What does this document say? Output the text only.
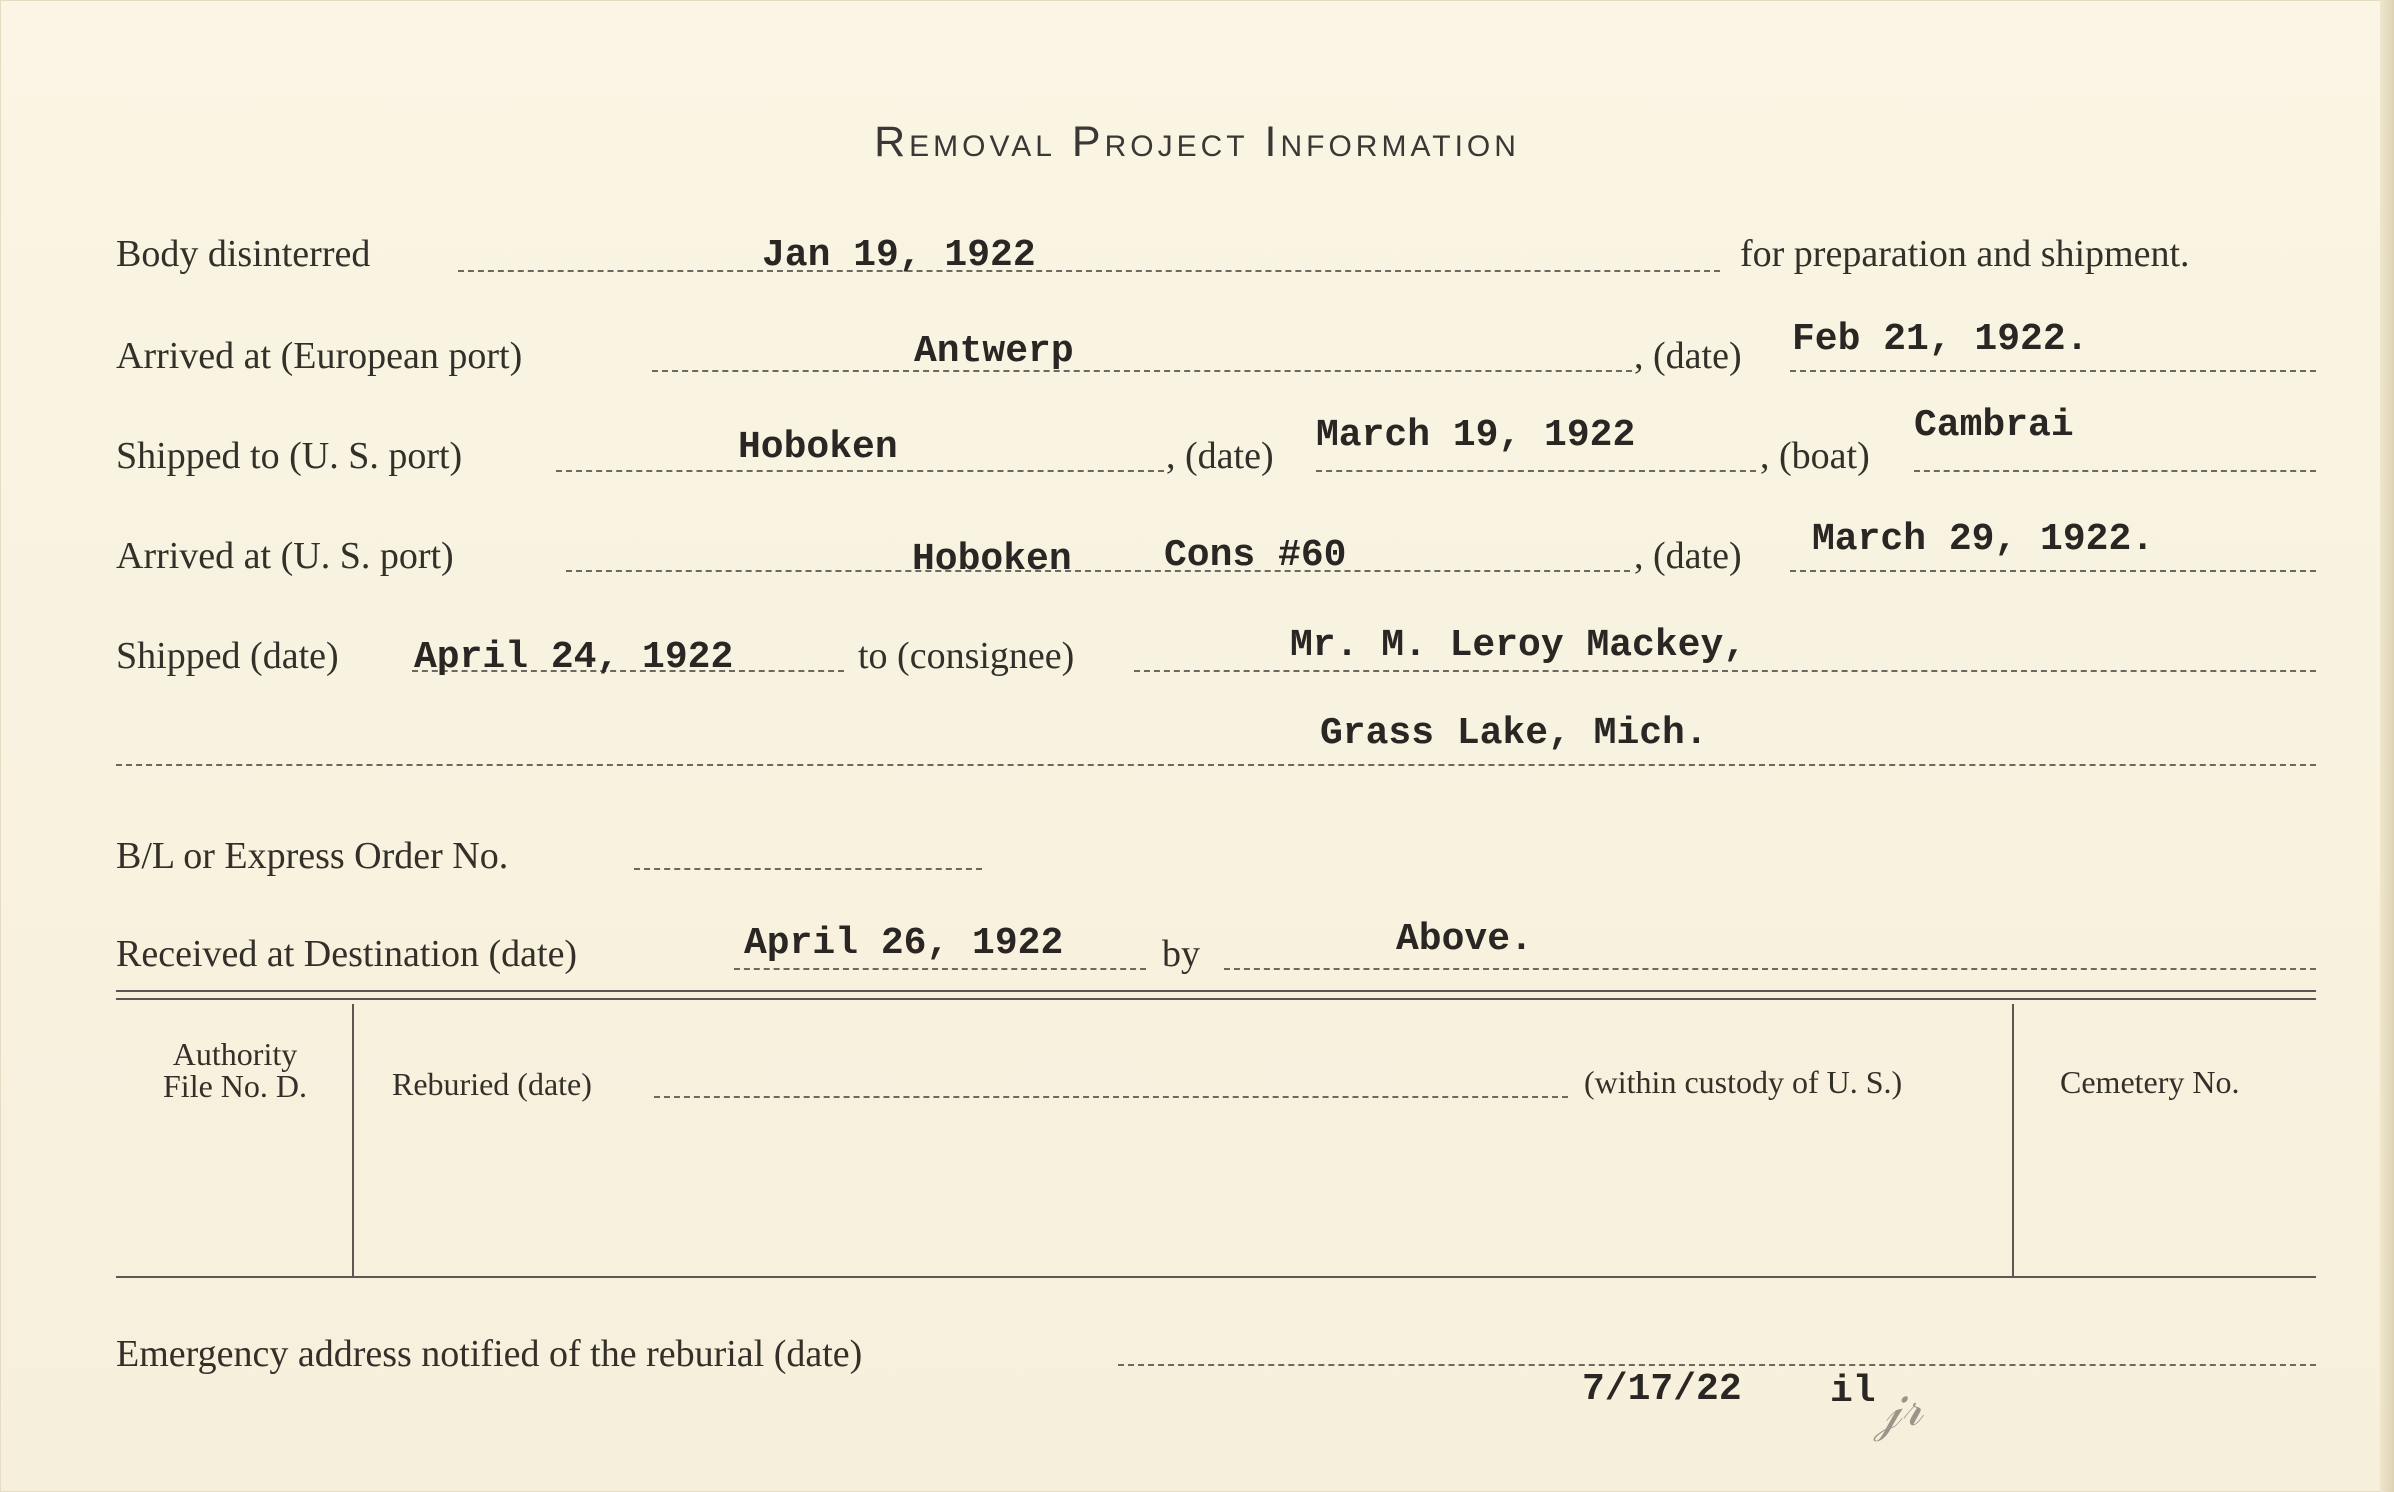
Removal Project Information
Body disinterred	Jan 19, 1922	for preparation and shipment.
Arrived at (European port)	Antwerp	, (date) Feb 21, 1922.
Shipped to (U. S. port)	Hoboken	, (date) March 19, 1922	, (boat)
Cambrai
Arrived at (U. S. port)	Hoboken Cons #60	, (date) March 29, 1922.
Shipped (date) April 24, 1922	to (consignee)	Mr. M. Leroy Mackey,
Grass Lake, Mich.
B/L or Express Order No.
Received at Destination (date)	April 26, 1922	by	Above.
Authority
File No. D.	Reburied (date)	(within custody of U. S.)	Cemetery No.
Emergency address notified of the reburial (date)
7/17/22 il
𝒿𝓇
